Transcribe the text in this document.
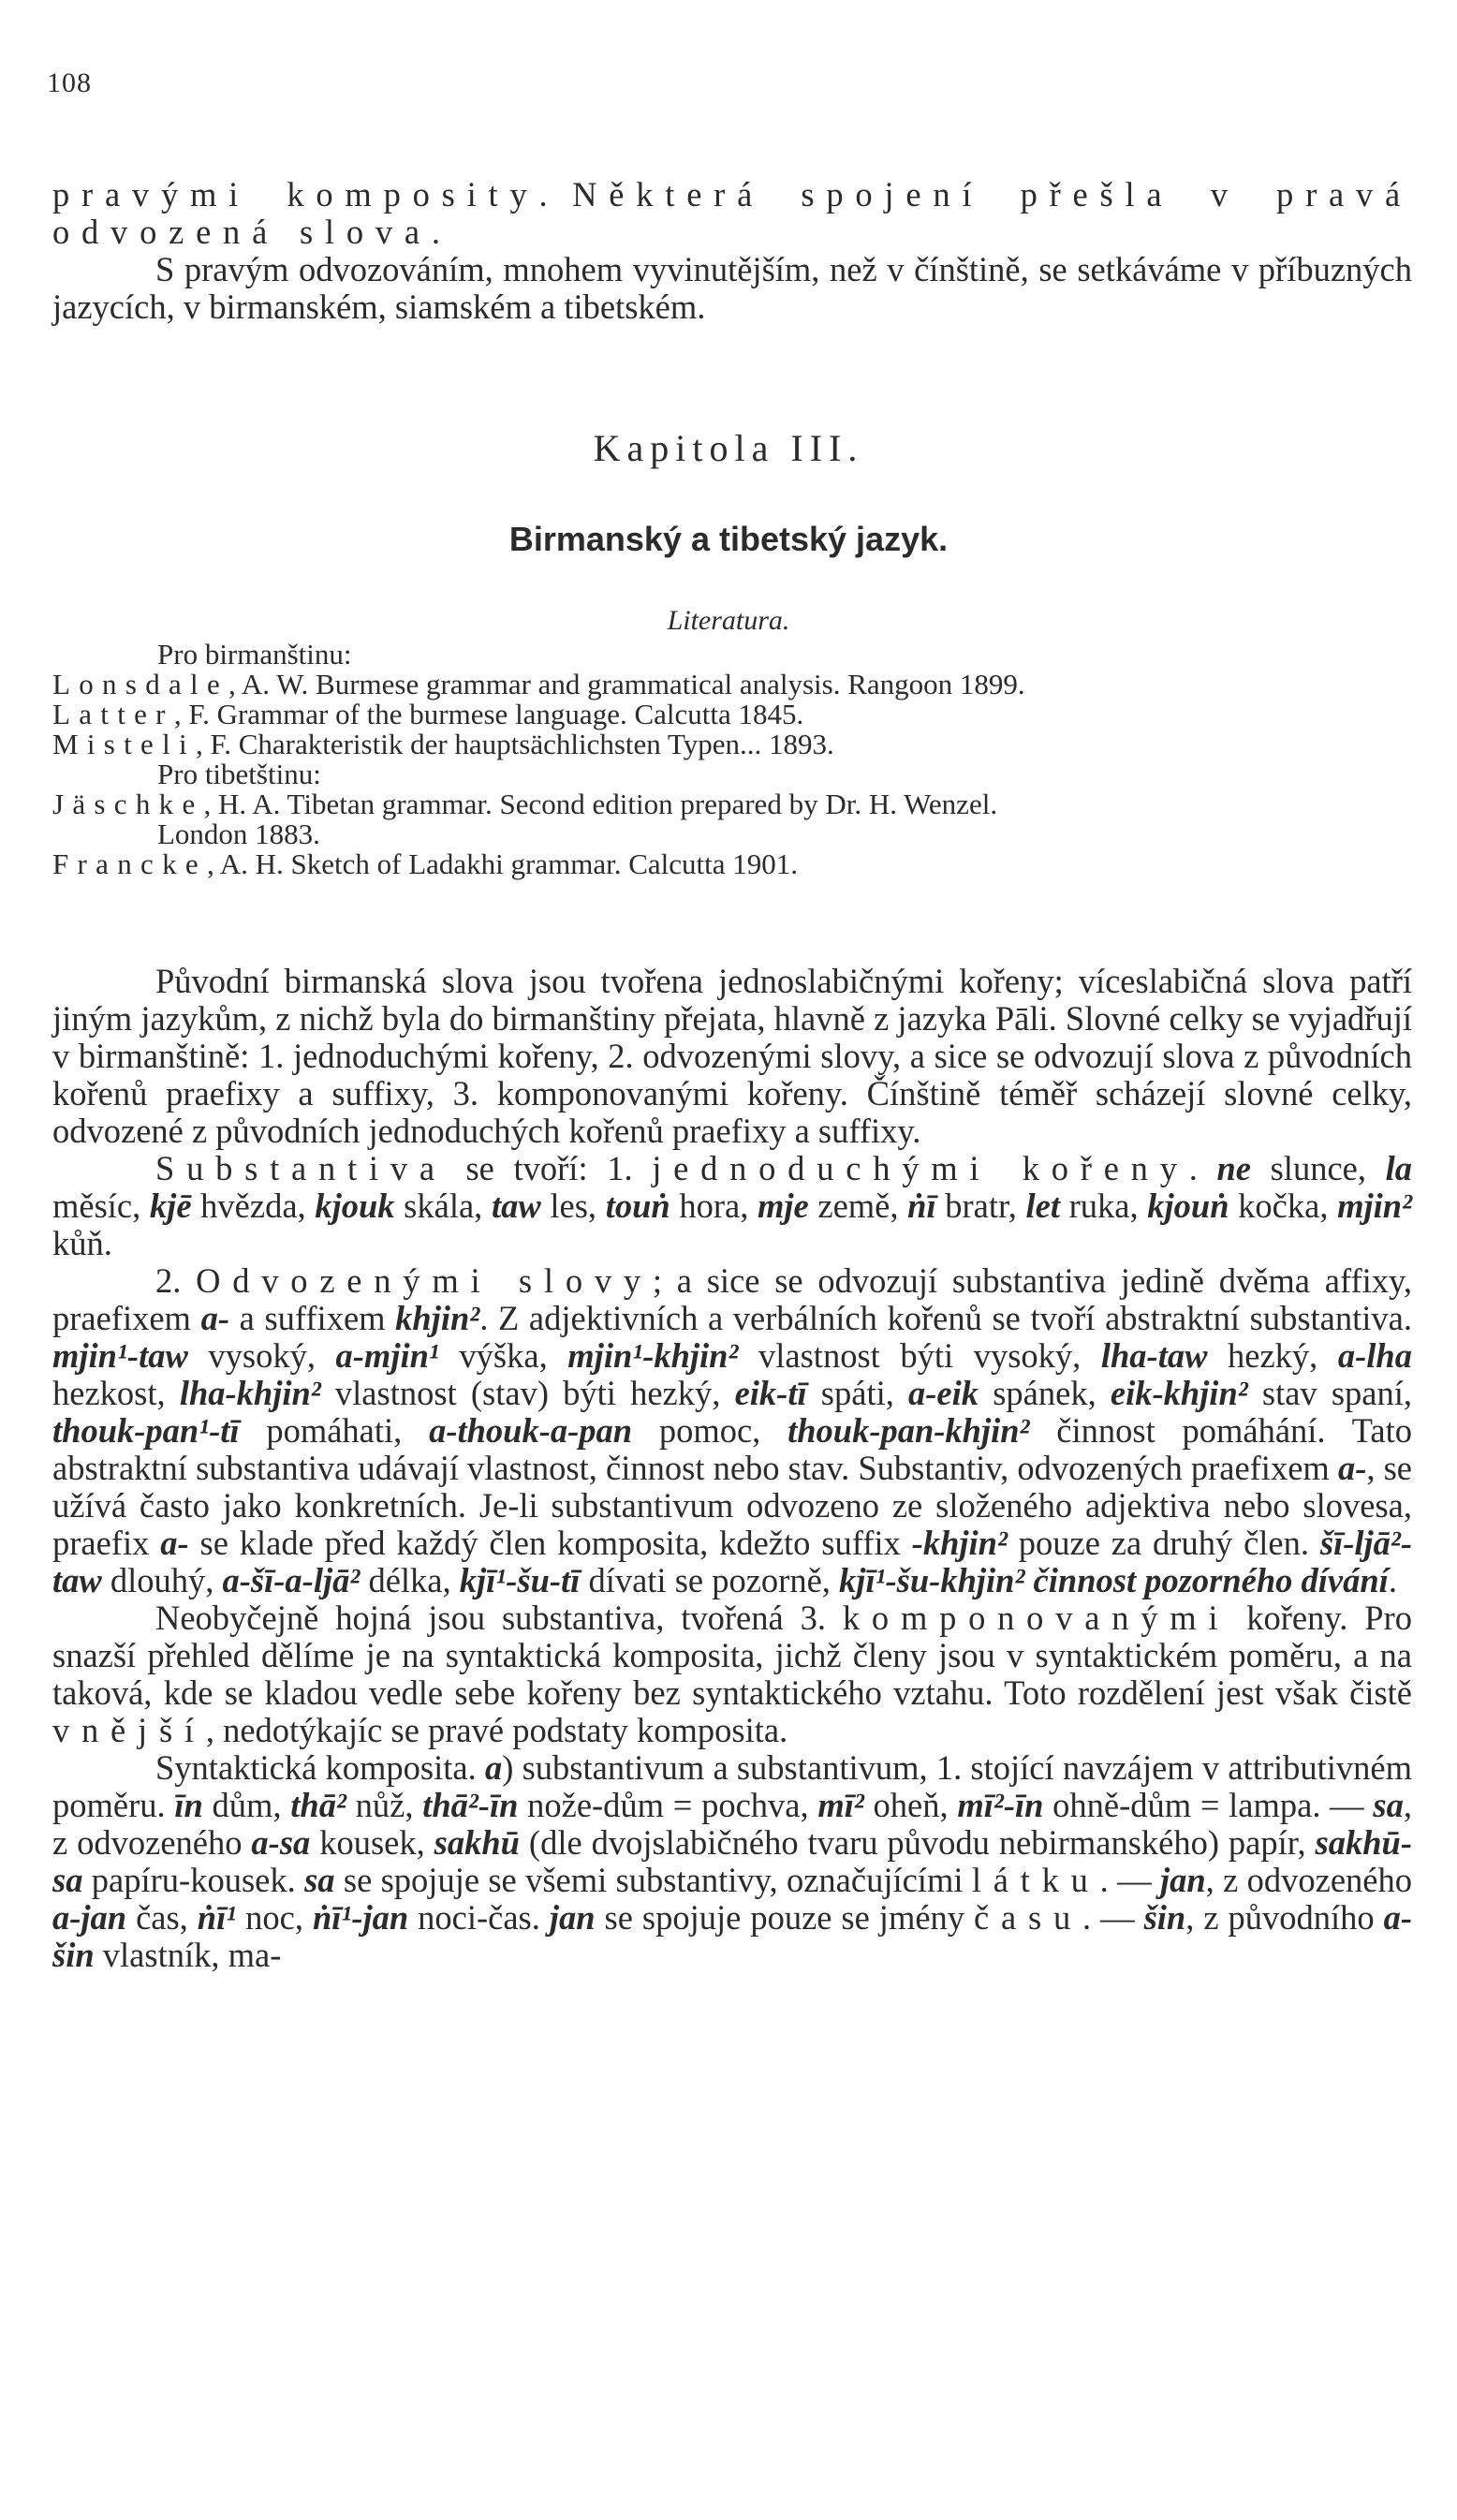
108

pravými komposity. Některá spojení přešla v pravá odvozená slova.

S pravým odvozováním, mnohem vyvinutějším, než v čínštině, se setkáváme v příbuzných jazycích, v birmanském, siamském a tibetském.

Kapitola III.
Birmanský a tibetský jazyk.
Literatura.
Pro birmanštinu:
Lonsdale, A. W. Burmese grammar and grammatical analysis. Rangoon 1899.
Latter, F. Grammar of the burmese language. Calcutta 1845.
Misteli, F. Charakteristik der hauptsächlichsten Typen... 1893.
Pro tibetštinu:
Jäschke, H. A. Tibetan grammar. Second edition prepared by Dr. H. Wenzel.
London 1883.
Francke, A. H. Sketch of Ladakhi grammar. Calcutta 1901.

Původní birmanská slova jsou tvořena jednoslabičnými kořeny; víceslabičná slova patří jiným jazykům, z nichž byla do birmanštiny přejata, hlavně z jazyka Pāli. Slovné celky se vyjadřují v birmanštině: 1. jednoduchými kořeny, 2. odvozenými slovy, a sice se odvozují slova z původních kořenů praefixy a suffixy, 3. komponovanými kořeny. Čínštině téměř scházejí slovné celky, odvozené z původních jednoduchých kořenů praefixy a suffixy.

Substantiva se tvoří: 1. jednoduchými kořeny. ne slunce, la měsíc, kjē hvězda, kjouk skála, taw les, touṅ hora, mje země, ṅī bratr, let ruka, kjouṅ kočka, mjin² kůň.

2. Odvozenými slovy; a sice se odvozují substantiva jedině dvěma affixy, praefixem a- a suffixem khjin². Z adjektivních a verbálních kořenů se tvoří abstraktní substantiva. mjin¹-taw vysoký, a-mjin¹ výška, mjin¹-khjin² vlastnost býti vysoký, lha-taw hezký, a-lha hezkost, lha-khjin² vlastnost (stav) býti hezký, eik-tī spáti, a-eik spánek, eik-khjin² stav spaní, thouk-pan¹-tī pomáhati, a-thouk-a-pan pomoc, thouk-pan-khjin² činnost pomáhání. Tato abstraktní substantiva udávají vlastnost, činnost nebo stav. Substantiv, odvozených praefixem a-, se užívá často jako konkretních. Je-li substantivum odvozeno ze složeného adjektiva nebo slovesa, praefix a- se klade před každý člen komposita, kdežto suffix -khjin² pouze za druhý člen. šī-ljā²-taw dlouhý, a-šī-a-ljā² délka, kjī¹-šu-tī dívati se pozorně, kjī¹-šu-khjin² činnost pozorného dívání.

Neobyčejně hojná jsou substantiva, tvořená 3. komponovanými kořeny. Pro snazší přehled dělíme je na syntaktická komposita, jichž členy jsou v syntaktickém poměru, a na taková, kde se kladou vedle sebe kořeny bez syntaktického vztahu. Toto rozdělení jest však čistě vnější, nedotýkajíc se pravé podstaty komposita.

Syntaktická komposita. a) substantivum a substantivum, 1. stojící navzájem v attributivném poměru. īn dům, thā² nůž, thā²-īn nože-dům = pochva, mī² oheň, mī²-īn ohně-dům = lampa. — sa, z odvozeného a-sa kousek, sakhū (dle dvojslabičného tvaru původu nebirmanského) papír, sakhū-sa papíru-kousek. sa se spojuje se všemi substantivy, označujícími látku. — jan, z odvozeného a-jan čas, ṅī¹ noc, ṅī¹-jan noci-čas. jan se spojuje pouze se jmény času. — šin, z původního a-šin vlastník, ma-
